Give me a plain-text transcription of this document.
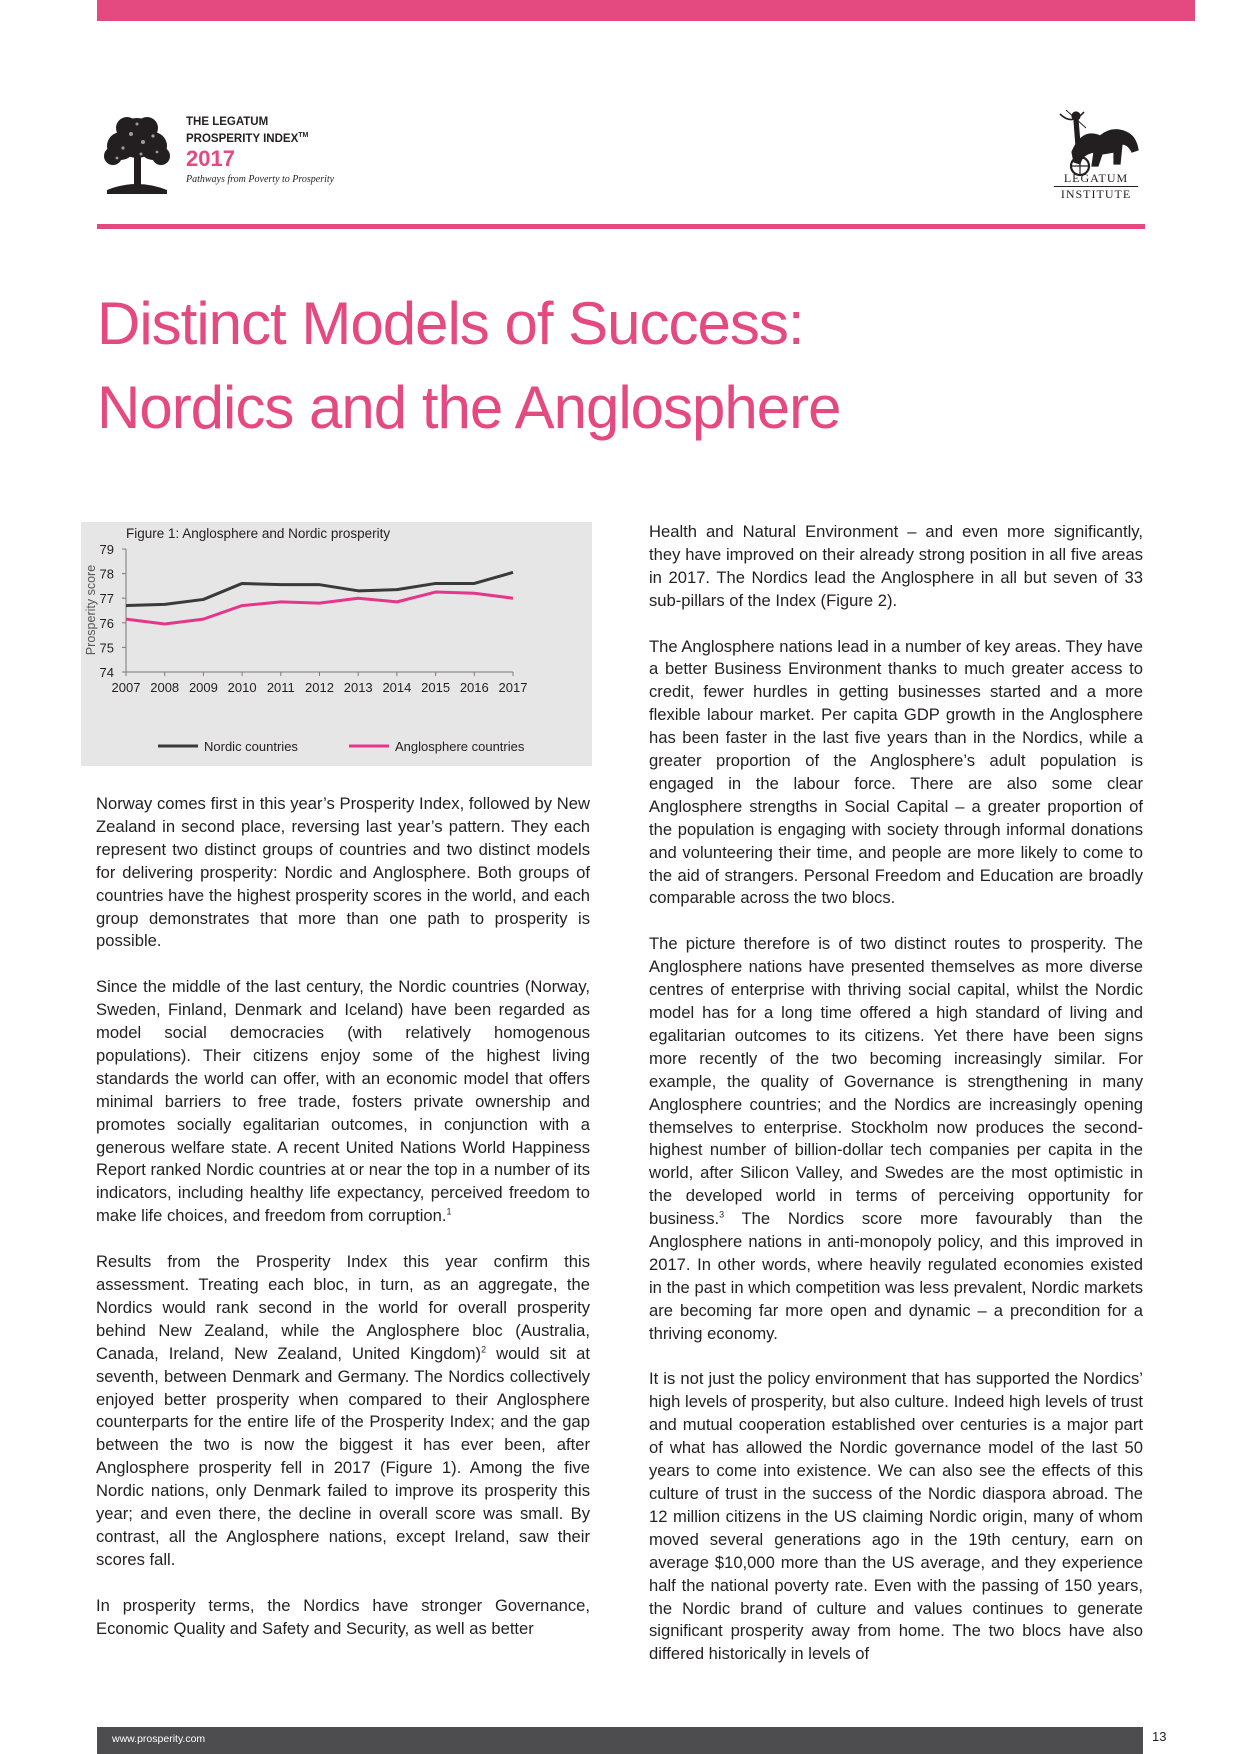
THE LEGATUM

PROSPERITY INDEX™

2017

Pathways from Poverty to Prosperity	LEGATUM
INSTITUTE
Distinct Models of Success:
Nordics and the Anglosphere
Figure 1: Anglosphere and Nordic prosperity
Prosperity score
74
75
76
77
78
79
2007 2008 2009 2010 2011 2012 2013 2014 2015 2016 2017
Nordic countries	Anglosphere countries

Norway comes first in this year’s Prosperity Index, followed by New Zealand in second place, reversing last year’s pattern. They each represent two distinct groups of countries and two distinct models for delivering prosperity: Nordic and Anglosphere. Both groups of countries have the highest prosperity scores in the world, and each group demonstrates that more than one path to prosperity is possible.

Since the middle of the last century, the Nordic countries (Norway, Sweden, Finland, Denmark and Iceland) have been regarded as model social democracies (with relatively homogenous populations). Their citizens enjoy some of the highest living standards the world can offer, with an economic model that offers minimal barriers to free trade, fosters private ownership and promotes socially egalitarian outcomes, in conjunction with a generous welfare state. A recent United Nations World Happiness Report ranked Nordic countries at or near the top in a number of its indicators, including healthy life expectancy, perceived freedom to make life choices, and freedom from corruption.$^1$

Results from the Prosperity Index this year confirm this assessment. Treating each bloc, in turn, as an aggregate, the Nordics would rank second in the world for overall prosperity behind New Zealand, while the Anglosphere bloc (Australia, Canada, Ireland, New Zealand, United Kingdom)$^2$ would sit at seventh, between Denmark and Germany. The Nordics collectively enjoyed better prosperity when compared to their Anglosphere counterparts for the entire life of the Prosperity Index; and the gap between the two is now the biggest it has ever been, after Anglosphere prosperity fell in 2017 (Figure 1). Among the five Nordic nations, only Denmark failed to improve its prosperity this year; and even there, the decline in overall score was small. By contrast, all the Anglosphere nations, except Ireland, saw their scores fall.

In prosperity terms, the Nordics have stronger Governance, Economic Quality and Safety and Security, as well as better

Health and Natural Environment – and even more significantly, they have improved on their already strong position in all five areas in 2017. The Nordics lead the Anglosphere in all but seven of 33 sub-pillars of the Index (Figure 2).

The Anglosphere nations lead in a number of key areas. They have a better Business Environment thanks to much greater access to credit, fewer hurdles in getting businesses started and a more flexible labour market. Per capita GDP growth in the Anglosphere has been faster in the last five years than in the Nordics, while a greater proportion of the Anglosphere’s adult population is engaged in the labour force. There are also some clear Anglosphere strengths in Social Capital – a greater proportion of the population is engaging with society through informal donations and volunteering their time, and people are more likely to come to the aid of strangers. Personal Freedom and Education are broadly comparable across the two blocs.

The picture therefore is of two distinct routes to prosperity. The Anglosphere nations have presented themselves as more diverse centres of enterprise with thriving social capital, whilst the Nordic model has for a long time offered a high standard of living and egalitarian outcomes to its citizens. Yet there have been signs more recently of the two becoming increasingly similar. For example, the quality of Governance is strengthening in many Anglosphere countries; and the Nordics are increasingly opening themselves to enterprise. Stockholm now produces the second-highest number of billion-dollar tech companies per capita in the world, after Silicon Valley, and Swedes are the most optimistic in the developed world in terms of perceiving opportunity for business.$^3$ The Nordics score more favourably than the Anglosphere nations in anti-monopoly policy, and this improved in 2017. In other words, where heavily regulated economies existed in the past in which competition was less prevalent, Nordic markets are becoming far more open and dynamic – a precondition for a thriving economy.

It is not just the policy environment that has supported the Nordics’ high levels of prosperity, but also culture. Indeed high levels of trust and mutual cooperation established over centuries is a major part of what has allowed the Nordic governance model of the last 50 years to come into existence. We can also see the effects of this culture of trust in the success of the Nordic diaspora abroad. The 12 million citizens in the US claiming Nordic origin, many of whom moved several generations ago in the 19th century, earn on average $10,000 more than the US average, and they experience half the national poverty rate. Even with the passing of 150 years, the Nordic brand of culture and values continues to generate significant prosperity away from home. The two blocs have also differed historically in levels of

www.prosperity.com	13
